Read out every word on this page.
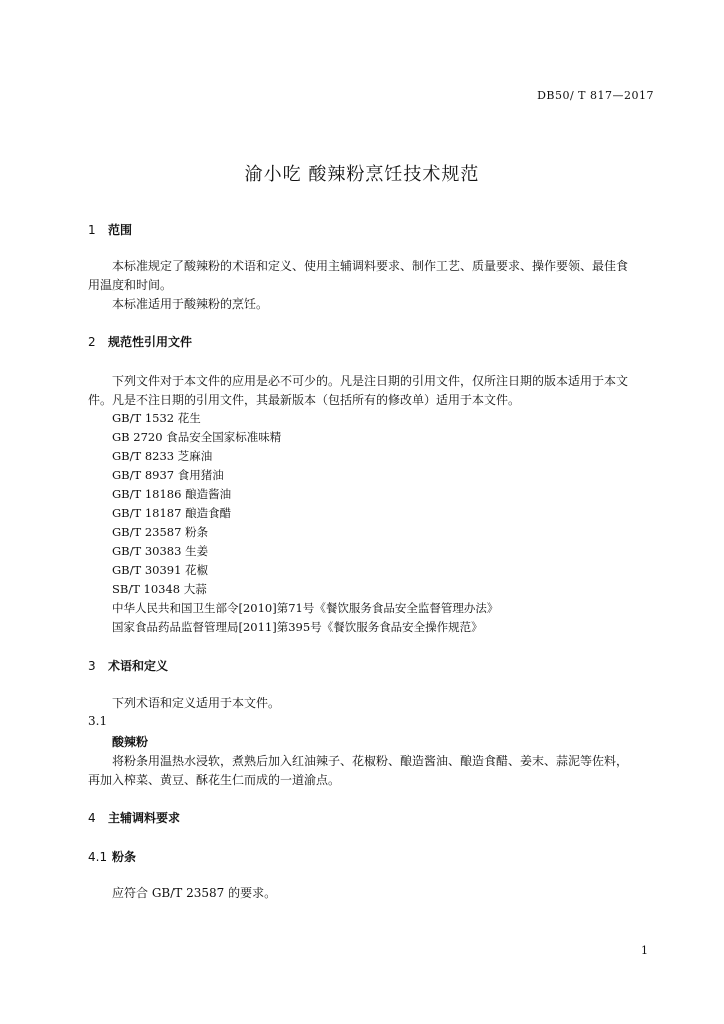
DB50/ T 817—2017
渝小吃 酸辣粉烹饪技术规范
1 范围
本标准规定了酸辣粉的术语和定义、使用主辅调料要求、制作工艺、质量要求、操作要领、最佳食
用温度和时间。
本标准适用于酸辣粉的烹饪。
2 规范性引用文件
下列文件对于本文件的应用是必不可少的。凡是注日期的引用文件，仅所注日期的版本适用于本文
件。凡是不注日期的引用文件，其最新版本（包括所有的修改单）适用于本文件。
GB/T 1532 花生
GB 2720 食品安全国家标准味精
GB/T 8233 芝麻油
GB/T 8937 食用猪油
GB/T 18186 酿造酱油
GB/T 18187 酿造食醋
GB/T 23587 粉条
GB/T 30383 生姜
GB/T 30391 花椒
SB/T 10348 大蒜
中华人民共和国卫生部令[2010]第71号《餐饮服务食品安全监督管理办法》
国家食品药品监督管理局[2011]第395号《餐饮服务食品安全操作规范》
3 术语和定义
下列术语和定义适用于本文件。
3.1
酸辣粉
将粉条用温热水浸软，煮熟后加入红油辣子、花椒粉、酿造酱油、酿造食醋、姜末、蒜泥等佐料，
再加入榨菜、黄豆、酥花生仁而成的一道渝点。
4 主辅调料要求
4.1 粉条
应符合 GB/T 23587 的要求。
1
